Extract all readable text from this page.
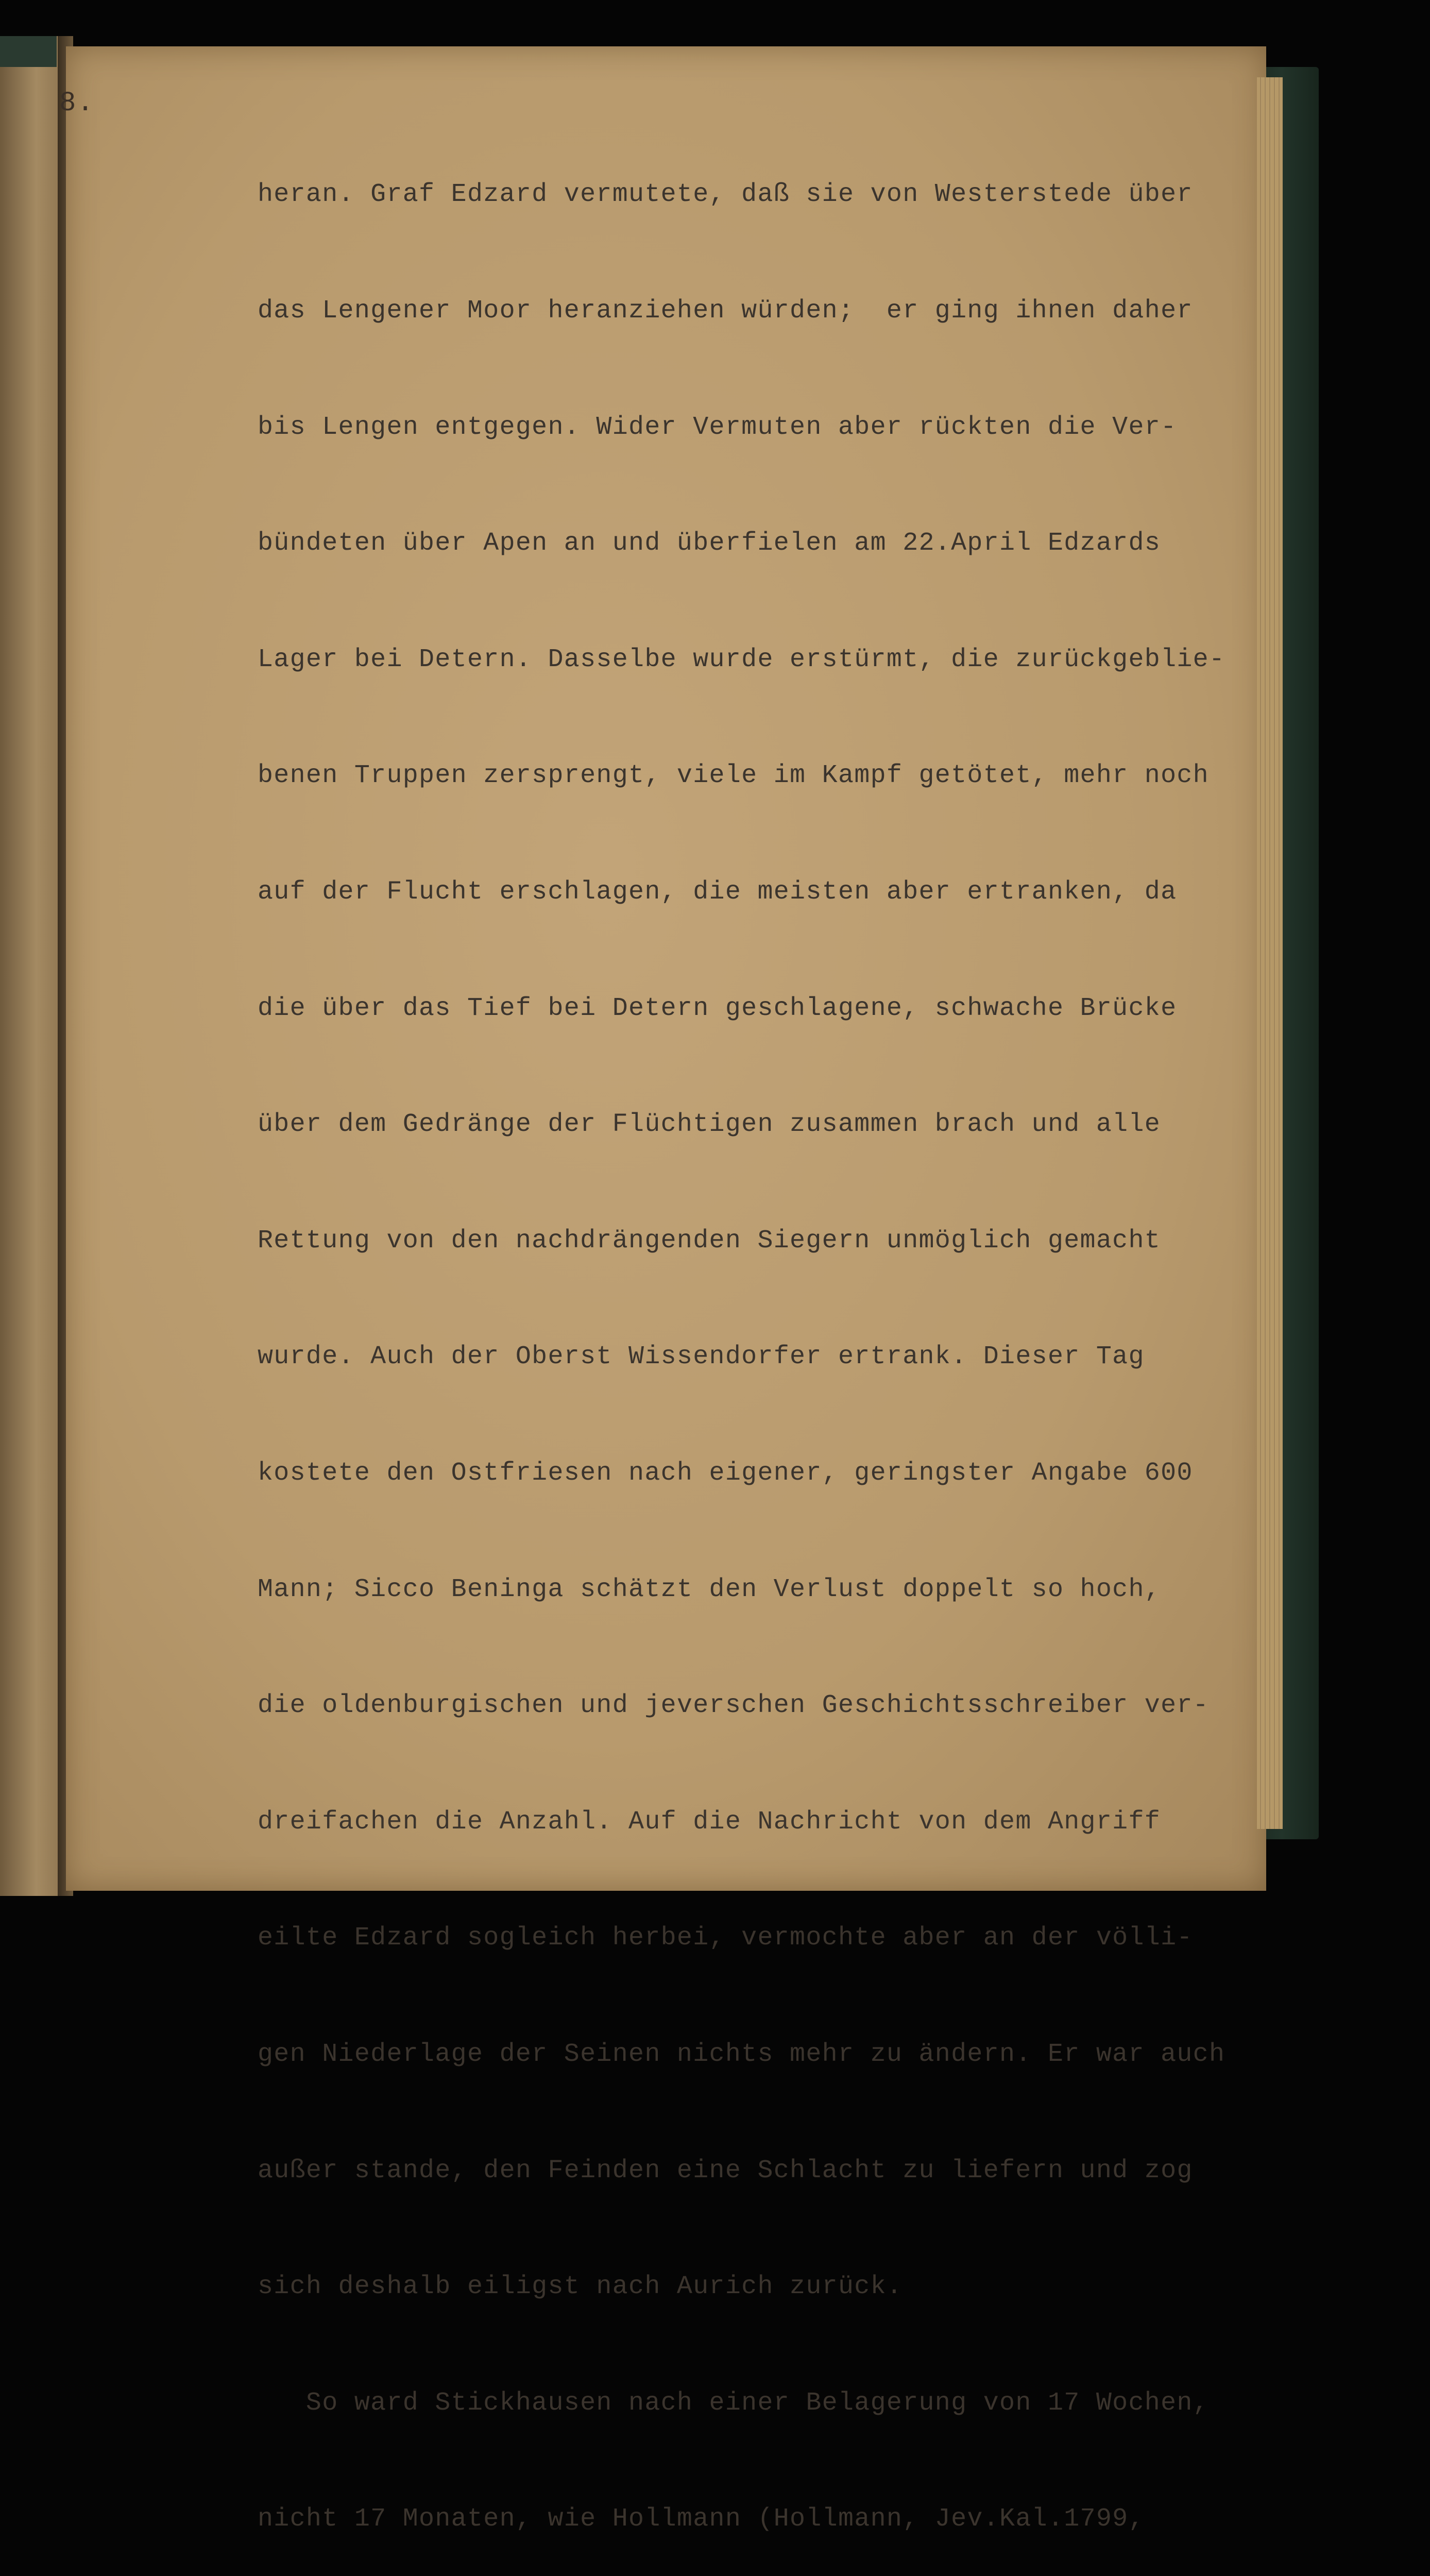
8.

heran. Graf Edzard vermutete, daß sie von Westerstede über

das Lengener Moor heranziehen würden;  er ging ihnen daher

bis Lengen entgegen. Wider Vermuten aber rückten die Ver-

bündeten über Apen an und überfielen am 22.April Edzards

Lager bei Detern. Dasselbe wurde erstürmt, die zurückgeblie-

benen Truppen zersprengt, viele im Kampf getötet, mehr noch

auf der Flucht erschlagen, die meisten aber ertranken, da

die über das Tief bei Detern geschlagene, schwache Brücke

über dem Gedränge der Flüchtigen zusammen brach und alle

Rettung von den nachdrängenden Siegern unmöglich gemacht

wurde. Auch der Oberst Wissendorfer ertrank. Dieser Tag

kostete den Ostfriesen nach eigener, geringster Angabe 600

Mann; Sicco Beninga schätzt den Verlust doppelt so hoch,

die oldenburgischen und jeverschen Geschichtsschreiber ver-

dreifachen die Anzahl. Auf die Nachricht von dem Angriff

eilte Edzard sogleich herbei, vermochte aber an der völli-

gen Niederlage der Seinen nichts mehr zu ändern. Er war auch

außer stande, den Feinden eine Schlacht zu liefern und zog

sich deshalb eiligst nach Aurich zurück.

So ward Stickhausen nach einer Belagerung von 17 Wochen,

nicht 17 Monaten, wie Hollmann (Hollmann, Jev.Kal.1799,
